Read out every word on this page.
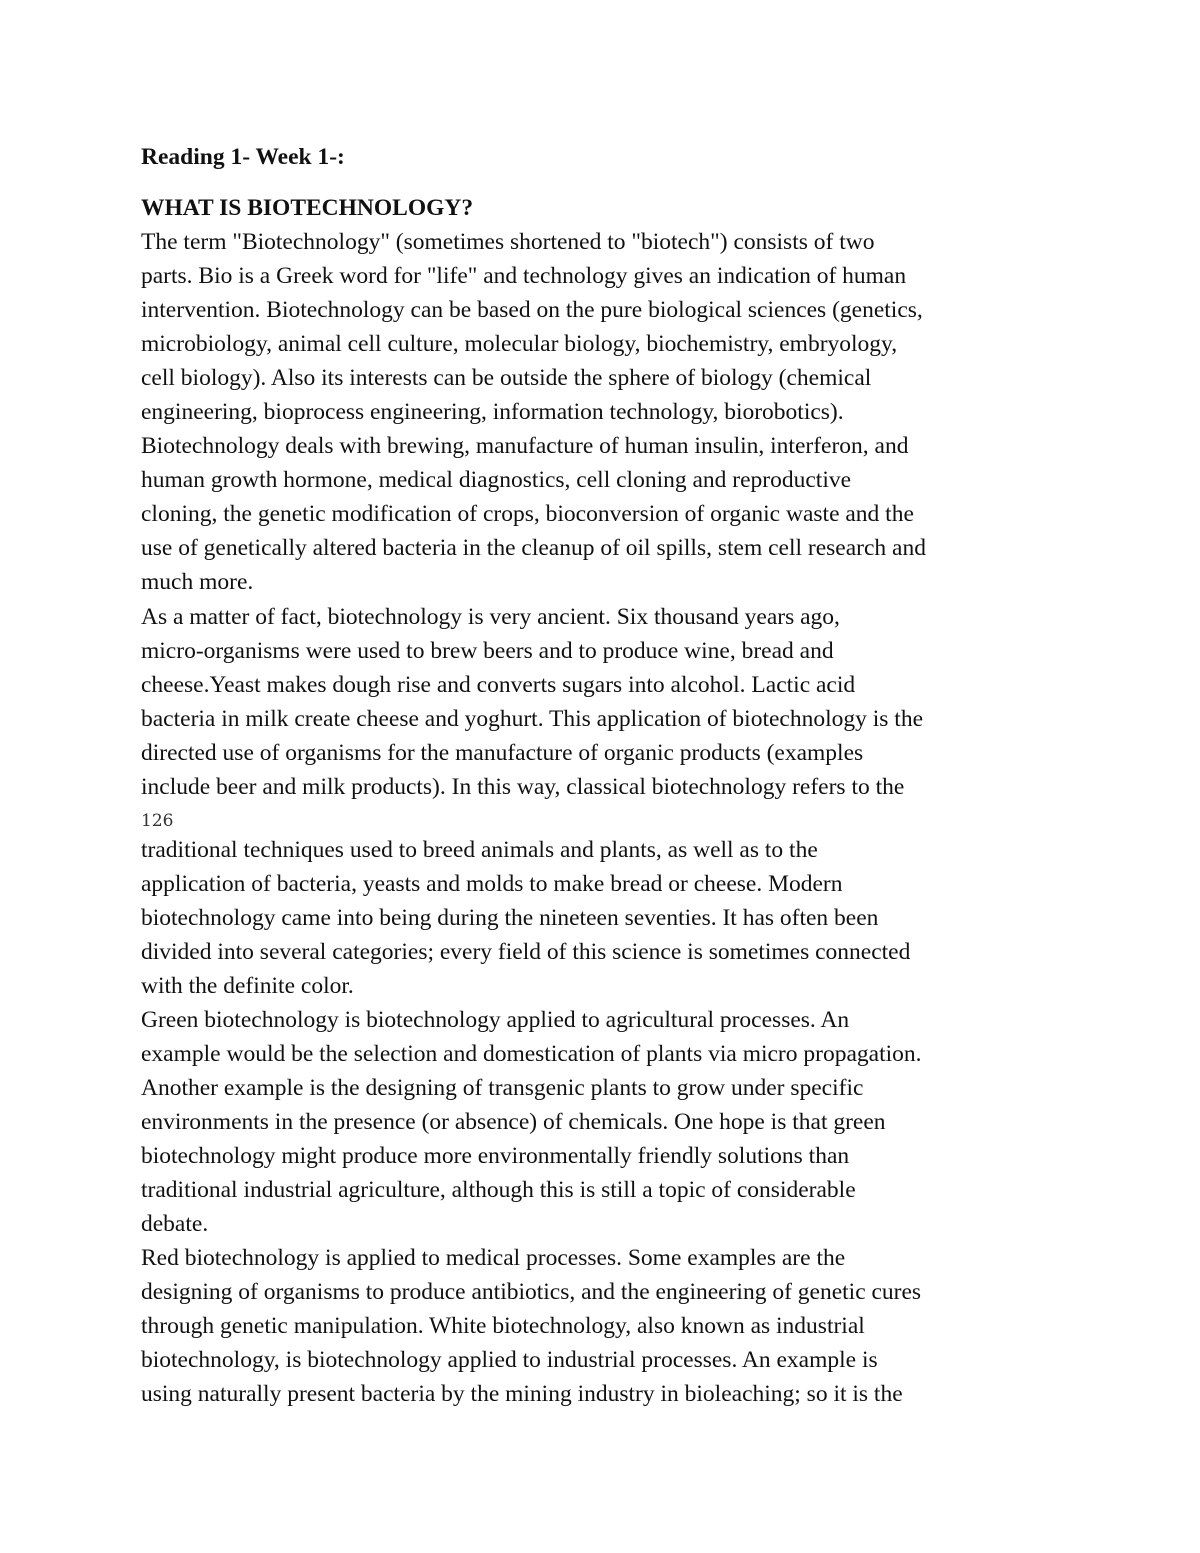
Reading 1- Week 1-:
WHAT IS BIOTECHNOLOGY?
The term "Biotechnology" (sometimes shortened to "biotech") consists of two
parts. Bio is a Greek word for "life" and technology gives an indication of human
intervention. Biotechnology can be based on the pure biological sciences (genetics,
microbiology, animal cell culture, molecular biology, biochemistry, embryology,
cell biology). Also its interests can be outside the sphere of biology (chemical
engineering, bioprocess engineering, information technology, biorobotics).
Biotechnology deals with brewing, manufacture of human insulin, interferon, and
human growth hormone, medical diagnostics, cell cloning and reproductive
cloning, the genetic modification of crops, bioconversion of organic waste and the
use of genetically altered bacteria in the cleanup of oil spills, stem cell research and
much more.
As a matter of fact, biotechnology is very ancient. Six thousand years ago,
micro-organisms were used to brew beers and to produce wine, bread and
cheese.Yeast makes dough rise and converts sugars into alcohol. Lactic acid
bacteria in milk create cheese and yoghurt. This application of biotechnology is the
directed use of organisms for the manufacture of organic products (examples
include beer and milk products). In this way, classical biotechnology refers to the
126
traditional techniques used to breed animals and plants, as well as to the
application of bacteria, yeasts and molds to make bread or cheese. Modern
biotechnology came into being during the nineteen seventies. It has often been
divided into several categories; every field of this science is sometimes connected
with the definite color.
Green biotechnology is biotechnology applied to agricultural processes. An
example would be the selection and domestication of plants via micro propagation.
Another example is the designing of transgenic plants to grow under specific
environments in the presence (or absence) of chemicals. One hope is that green
biotechnology might produce more environmentally friendly solutions than
traditional industrial agriculture, although this is still a topic of considerable
debate.
Red biotechnology is applied to medical processes. Some examples are the
designing of organisms to produce antibiotics, and the engineering of genetic cures
through genetic manipulation. White biotechnology, also known as industrial
biotechnology, is biotechnology applied to industrial processes. An example is
using naturally present bacteria by the mining industry in bioleaching; so it is the
